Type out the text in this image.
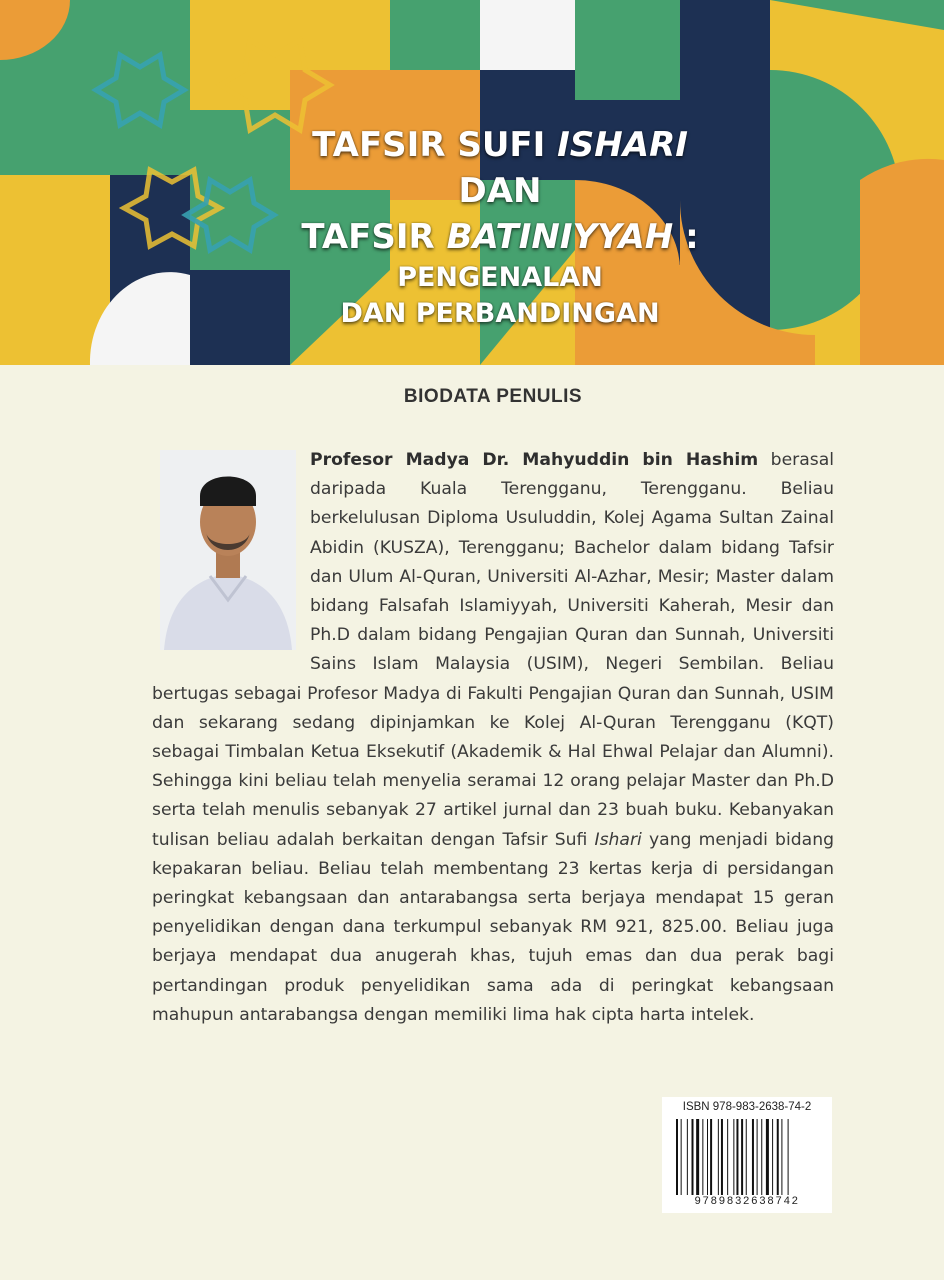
TAFSIR SUFI ISHARI
DAN
TAFSIR BATINIYYAH :
PENGENALAN
DAN PERBANDINGAN
BIODATA PENULIS
Profesor Madya Dr. Mahyuddin bin Hashim berasal daripada Kuala Terengganu, Terengganu. Beliau berkelulusan Diploma Usuluddin, Kolej Agama Sultan Zainal Abidin (KUSZA), Terengganu; Bachelor dalam bidang Tafsir dan Ulum Al-Quran, Universiti Al-Azhar, Mesir; Master dalam bidang Falsafah Islamiyyah, Universiti Kaherah, Mesir dan Ph.D dalam bidang Pengajian Quran dan Sunnah, Universiti Sains Islam Malaysia (USIM), Negeri Sembilan. Beliau bertugas sebagai Profesor Madya di Fakulti Pengajian Quran dan Sunnah, USIM dan sekarang sedang dipinjamkan ke Kolej Al-Quran Terengganu (KQT) sebagai Timbalan Ketua Eksekutif (Akademik & Hal Ehwal Pelajar dan Alumni). Sehingga kini beliau telah menyelia seramai 12 orang pelajar Master dan Ph.D serta telah menulis sebanyak 27 artikel jurnal dan 23 buah buku. Kebanyakan tulisan beliau adalah berkaitan dengan Tafsir Sufi Ishari yang menjadi bidang kepakaran beliau. Beliau telah membentang 23 kertas kerja di persidangan peringkat kebangsaan dan antarabangsa serta berjaya mendapat 15 geran penyelidikan dengan dana terkumpul sebanyak RM 921, 825.00. Beliau juga berjaya mendapat dua anugerah khas, tujuh emas dan dua perak bagi pertandingan produk penyelidikan sama ada di peringkat kebangsaan mahupun antarabangsa dengan memiliki lima hak cipta harta intelek.
ISBN 978-983-2638-74-2
9789832638742
